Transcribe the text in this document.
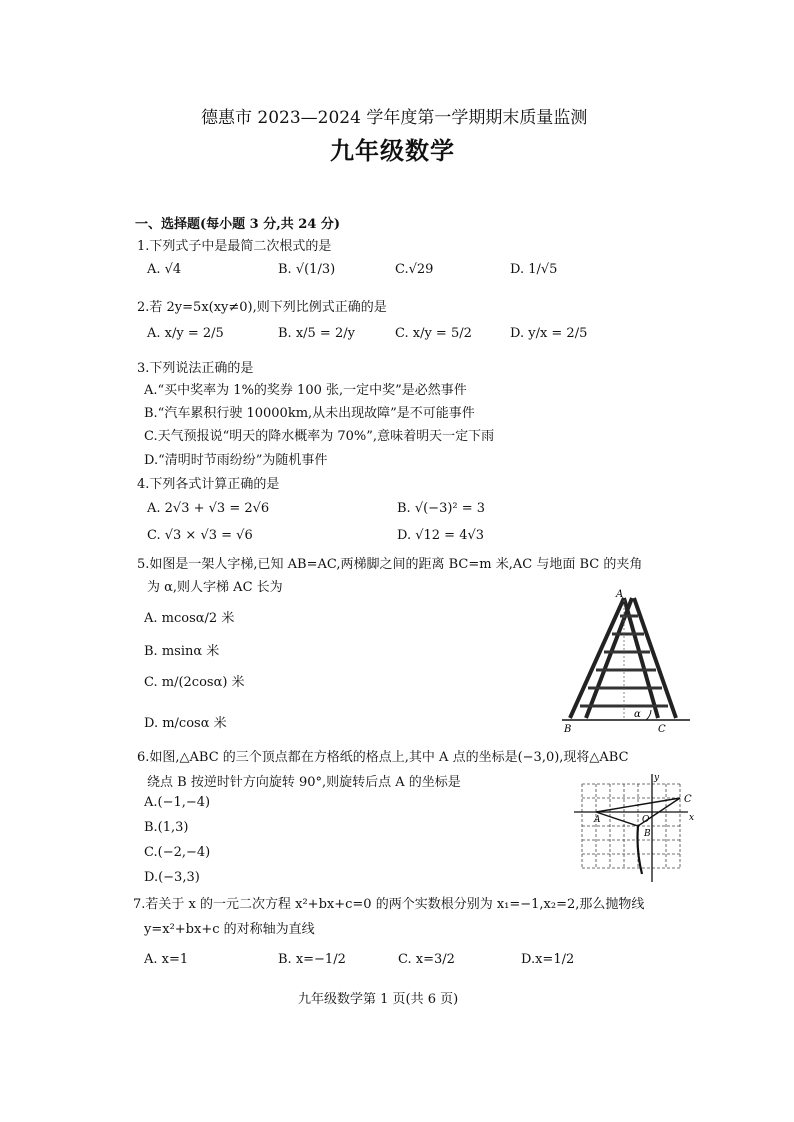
德惠市 2023—2024 学年度第一学期期末质量监测
九年级数学
一、选择题(每小题 3 分,共 24 分)
1.下列式子中是最简二次根式的是
A. √4	B. √(1/3)	C.√29	D. 1/√5
2.若 2y=5x(xy≠0),则下列比例式正确的是
A. x/y = 2/5	B. x/5 = 2/y	C. x/y = 5/2	D. y/x = 2/5
3.下列说法正确的是
A.“买中奖率为 1%的奖券 100 张,一定中奖”是必然事件
B.“汽车累积行驶 10000km,从未出现故障”是不可能事件
C.天气预报说“明天的降水概率为 70%”,意味着明天一定下雨
D.“清明时节雨纷纷”为随机事件
4.下列各式计算正确的是
A. 2√3 + √3 = 2√6	B. √(−3)² = 3
C. √3 × √3 = √6	D. √12 = 4√3
5.如图是一架人字梯,已知 AB=AC,两梯脚之间的距离 BC=m 米,AC 与地面 BC 的夹角
为 α,则人字梯 AC 长为
A. mcosα/2 米
B. msinα 米
C. m/(2cosα) 米
D. m/cosα 米
A
B	C
α
6.如图,△ABC 的三个顶点都在方格纸的格点上,其中 A 点的坐标是(−3,0),现将△ABC
绕点 B 按逆时针方向旋转 90°,则旋转后点 A 的坐标是
A.(−1,−4)
B.(1,3)
C.(−2,−4)
D.(−3,3)
y
x
O
A
B
C
7.若关于 x 的一元二次方程 x²+bx+c=0 的两个实数根分别为 x₁=−1,x₂=2,那么抛物线
y=x²+bx+c 的对称轴为直线
A. x=1	B. x=−1/2	C. x=3/2	D.x=1/2
九年级数学第 1 页(共 6 页)
